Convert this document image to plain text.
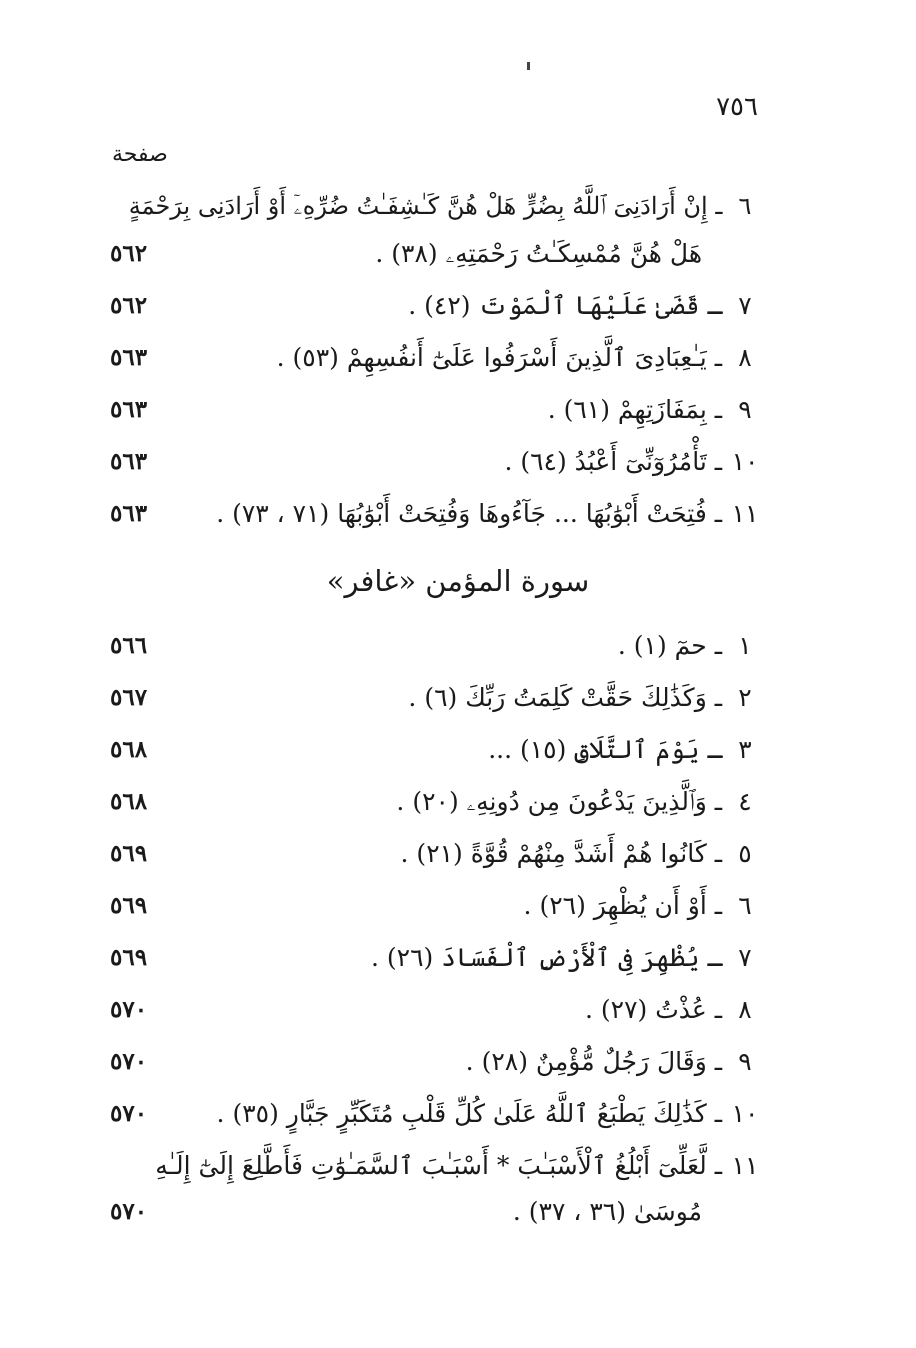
٧٥٦
صفحة
٦ ـ إِنْ أَرَادَنِىَ ٱللَّهُ بِضُرٍّ هَلْ هُنَّ كَـٰشِفَـٰتُ ضُرِّهِۦٓ أَوْ أَرَادَنِى بِرَحْمَةٍ
هَلْ هُنَّ مُمْسِكَـٰتُ رَحْمَتِهِۦ (٣٨) .
٥٦٢
٧ ـ قَضَىٰ عَلَيْهَا ٱلْمَوْتَ (٤٢) .
٥٦٢
٨ ـ يَـٰعِبَادِىَ ٱلَّذِينَ أَسْرَفُوا عَلَىٰٓ أَنفُسِهِمْ (٥٣) .
٥٦٣
٩ ـ بِمَفَازَتِهِمْ (٦١) .
٥٦٣
١٠ ـ تَأْمُرُوٓنِّىٓ أَعْبُدُ (٦٤) .
٥٦٣
١١ ـ فُتِحَتْ أَبْوَٰبُهَا ... جَآءُوهَا وَفُتِحَتْ أَبْوَٰبُهَا (٧١ ، ٧٣) .
٥٦٣
سورة المؤمن «غافر»
١ ـ حمٓ (١) .
٥٦٦
٢ ـ وَكَذَٰلِكَ حَقَّتْ كَلِمَتُ رَبِّكَ (٦) .
٥٦٧
٣ ـ يَوْمَ ٱلتَّلَاقِ (١٥) ...
٥٦٨
٤ ـ وَٱلَّذِينَ يَدْعُونَ مِن دُونِهِۦ (٢٠) .
٥٦٨
٥ ـ كَانُوا هُمْ أَشَدَّ مِنْهُمْ قُوَّةً (٢١) .
٥٦٩
٦ ـ أَوْ أَن يُظْهِرَ (٢٦) .
٥٦٩
٧ ـ يُظْهِرَ فِى ٱلْأَرْضِ ٱلْفَسَادَ (٢٦) .
٥٦٩
٨ ـ عُذْتُ (٢٧) .
٥٧٠
٩ ـ وَقَالَ رَجُلٌ مُّؤْمِنٌ (٢٨) .
٥٧٠
١٠ ـ كَذَٰلِكَ يَطْبَعُ ٱللَّهُ عَلَىٰ كُلِّ قَلْبِ مُتَكَبِّرٍ جَبَّارٍ (٣٥) .
٥٧٠
١١ ـ لَّعَلِّىٓ أَبْلُغُ ٱلْأَسْبَـٰبَ * أَسْبَـٰبَ ٱلسَّمَـٰوَٰتِ فَأَطَّلِعَ إِلَىٰٓ إِلَـٰهِ
مُوسَىٰ (٣٦ ، ٣٧) .
٥٧٠
